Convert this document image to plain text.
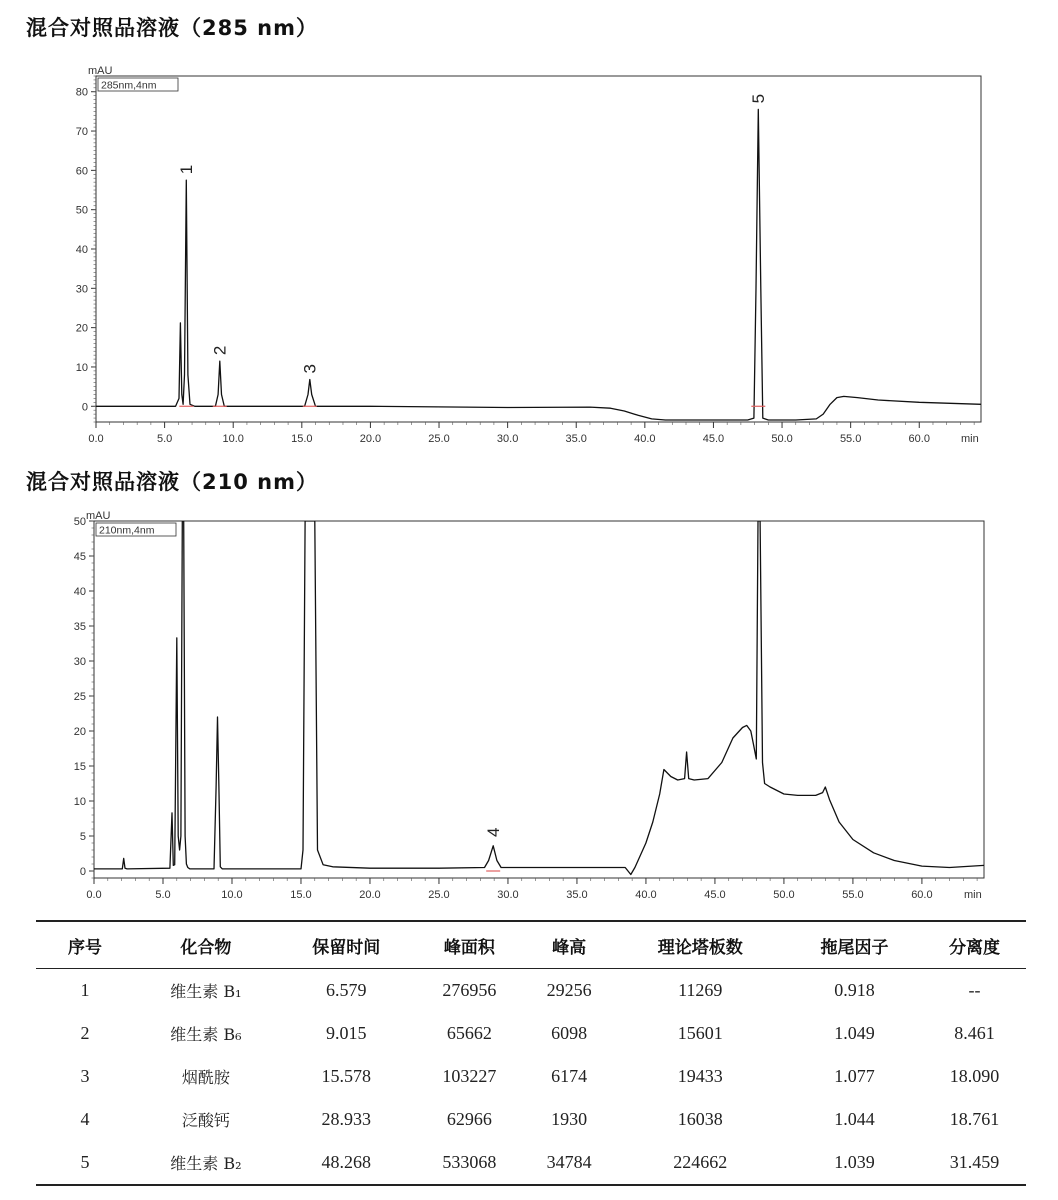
混合对照品溶液（285 nm）
0
10
20
30
40
50
60
70
80
0.0	5.0	10.0	15.0	20.0	25.0	30.0	35.0	40.0	45.0	50.0	55.0	60.0
mAU
min
285nm,4nm
1
2
3
5
混合对照品溶液（210 nm）
0
5
10
15
20
25
30
35
40
45
50
0.0	5.0	10.0	15.0	20.0	25.0	30.0	35.0	40.0	45.0	50.0	55.0	60.0
mAU
min
210nm,4nm
4
序号	化合物	保留时间	峰面积	峰高	理论塔板数	拖尾因子	分离度
1	维生素 B₁	6.579	276956	29256	11269	0.918	--
2	维生素 B₆	9.015	65662	6098	15601	1.049	8.461
3	烟酰胺	15.578	103227	6174	19433	1.077	18.090
4	泛酸钙	28.933	62966	1930	16038	1.044	18.761
5	维生素 B₂	48.268	533068	34784	224662	1.039	31.459
